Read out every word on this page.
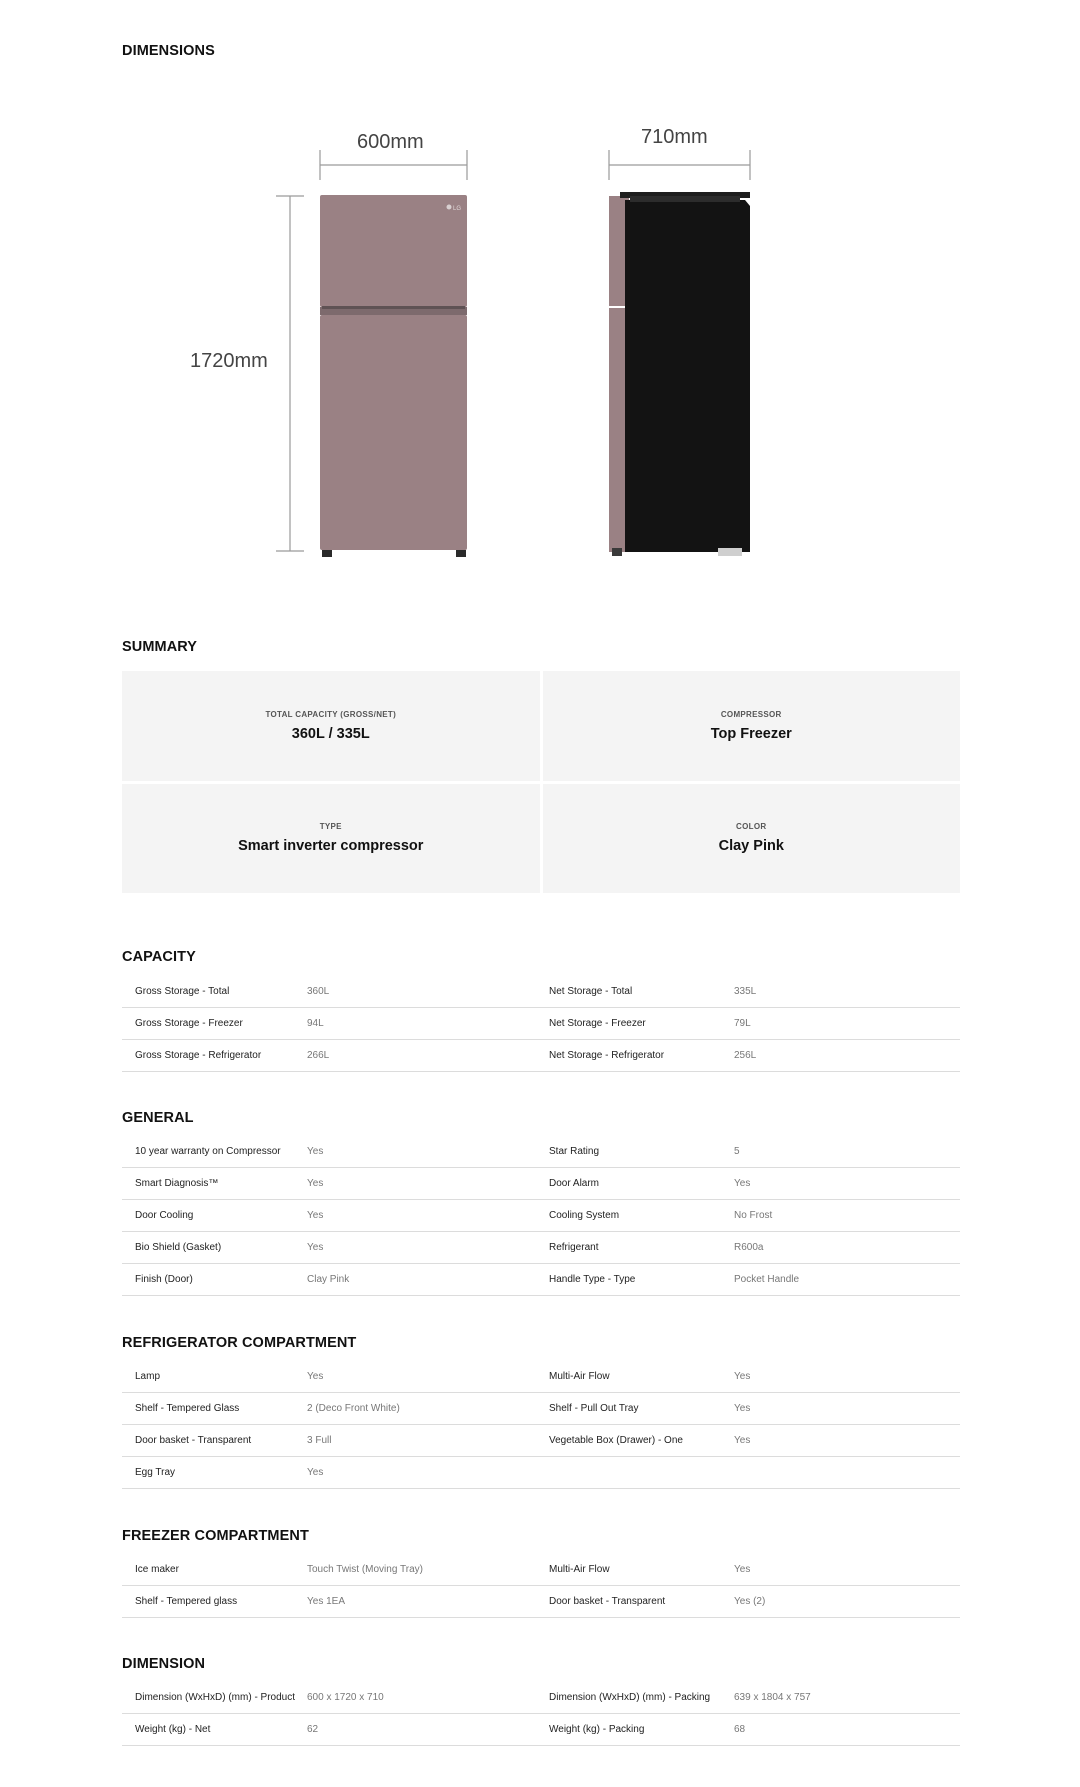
DIMENSIONS
LG
600mm	710mm
1720mm
SUMMARY
TOTAL CAPACITY (GROSS/NET)
360L / 335L
COMPRESSOR
Top Freezer
TYPE
Smart inverter compressor
COLOR
Clay Pink
CAPACITY
Gross Storage - Total	360L	Net Storage - Total	335L
Gross Storage - Freezer	94L	Net Storage - Freezer	79L
Gross Storage - Refrigerator	266L	Net Storage - Refrigerator	256L
GENERAL
10 year warranty on Compressor	Yes	Star Rating	5
Smart Diagnosis™	Yes	Door Alarm	Yes
Door Cooling	Yes	Cooling System	No Frost
Bio Shield (Gasket)	Yes	Refrigerant	R600a
Finish (Door)	Clay Pink	Handle Type - Type	Pocket Handle
REFRIGERATOR COMPARTMENT
Lamp	Yes	Multi-Air Flow	Yes
Shelf - Tempered Glass	2 (Deco Front White)	Shelf - Pull Out Tray	Yes
Door basket - Transparent	3 Full	Vegetable Box (Drawer) - One	Yes
Egg Tray	Yes
FREEZER COMPARTMENT
Ice maker	Touch Twist (Moving Tray)	Multi-Air Flow	Yes
Shelf - Tempered glass	Yes 1EA	Door basket - Transparent	Yes (2)
DIMENSION
Dimension (WxHxD) (mm) - Product	600 x 1720 x 710	Dimension (WxHxD) (mm) - Packing	639 x 1804 x 757
Weight (kg) - Net	62	Weight (kg) - Packing	68
